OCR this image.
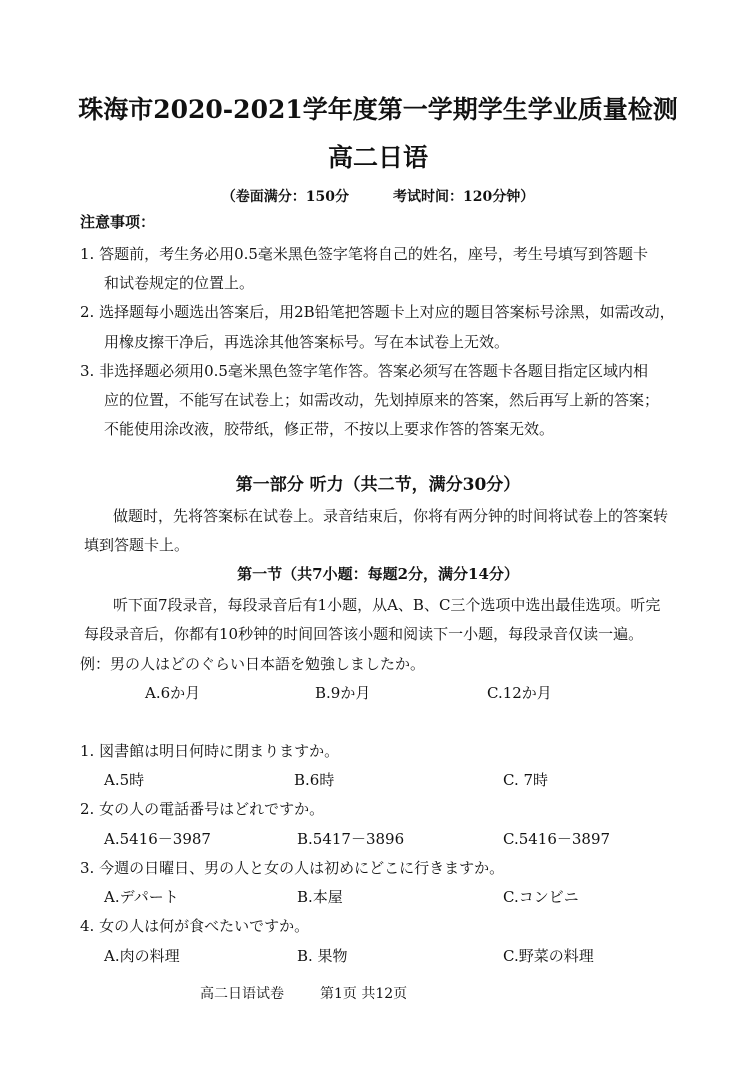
珠海市2020-2021学年度第一学期学生学业质量检测
高二日语
（卷面满分：150分	考试时间：120分钟）
注意事项：
1. 答题前，考生务必用0.5毫米黑色签字笔将自己的姓名，座号，考生号填写到答题卡
和试卷规定的位置上。
2. 选择题每小题选出答案后，用2B铅笔把答题卡上对应的题目答案标号涂黑，如需改动，
用橡皮擦干净后，再选涂其他答案标号。写在本试卷上无效。
3. 非选择题必须用0.5毫米黑色签字笔作答。答案必须写在答题卡各题目指定区域内相
应的位置，不能写在试卷上；如需改动，先划掉原来的答案，然后再写上新的答案；
不能使用涂改液，胶带纸，修正带，不按以上要求作答的答案无效。
第一部分 听力（共二节，满分30分）
做题时，先将答案标在试卷上。录音结束后，你将有两分钟的时间将试卷上的答案转
填到答题卡上。
第一节（共7小题：每题2分，满分14分）
听下面7段录音，每段录音后有1小题，从A、B、C三个选项中选出最佳选项。听完
每段录音后，你都有10秒钟的时间回答该小题和阅读下一小题，每段录音仅读一遍。
例：男の人はどのぐらい日本語を勉強しましたか。
A.6か月	B.9か月	C.12か月
1. 図書館は明日何時に閉まりますか。
A.5時	B.6時	C. 7時
2. 女の人の電話番号はどれですか。
A.5416－3987	B.5417－3896	C.5416－3897
3. 今週の日曜日、男の人と女の人は初めにどこに行きますか。
A.デパート	B.本屋	C.コンビニ
4. 女の人は何が食べたいですか。
A.肉の料理	B. 果物	C.野菜の料理
高二日语试卷	第1页 共12页
